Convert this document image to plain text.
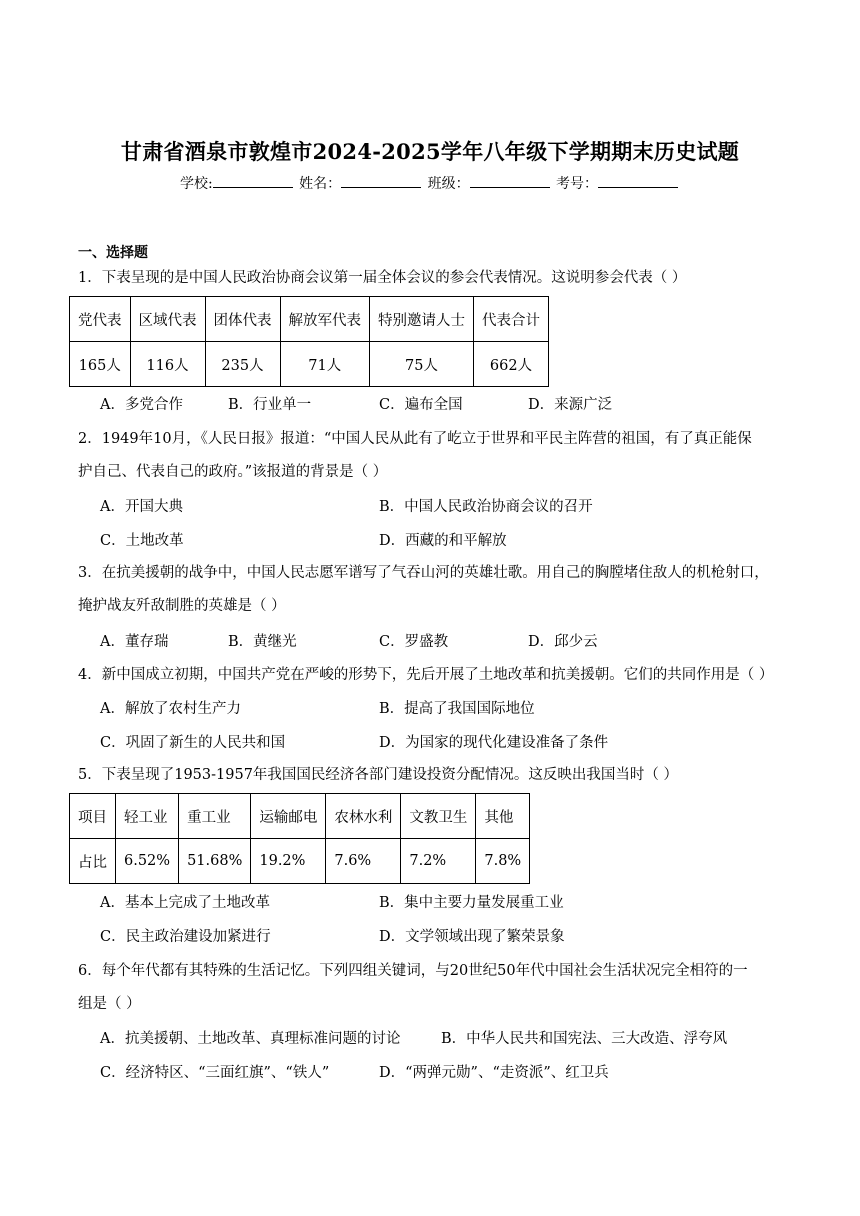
甘肃省酒泉市敦煌市2024-2025学年八年级下学期期末历史试题
学校:	姓名：	班级：	考号：
一、选择题
1．下表呈现的是中国人民政治协商会议第一届全体会议的参会代表情况。这说明参会代表（ ）
党代表	区域代表	团体代表	解放军代表	特别邀请人士	代表合计
165人	116人	235人	71人	75人	662人
A．多党合作	B．行业单一	C．遍布全国	D．来源广泛
2．1949年10月，《人民日报》报道：“中国人民从此有了屹立于世界和平民主阵营的祖国，有了真正能保
护自己、代表自己的政府。”该报道的背景是（ ）
A．开国大典	B．中国人民政治协商会议的召开
C．土地改革	D．西藏的和平解放
3．在抗美援朝的战争中，中国人民志愿军谱写了气吞山河的英雄壮歌。用自己的胸膛堵住敌人的机枪射口，
掩护战友歼敌制胜的英雄是（ ）
A．董存瑞	B．黄继光	C．罗盛教	D．邱少云
4．新中国成立初期，中国共产党在严峻的形势下，先后开展了土地改革和抗美援朝。它们的共同作用是（ ）
A．解放了农村生产力	B．提高了我国国际地位
C．巩固了新生的人民共和国	D．为国家的现代化建设准备了条件
5．下表呈现了1953-1957年我国国民经济各部门建设投资分配情况。这反映出我国当时（ ）
项目	轻工业	重工业	运输邮电	农林水利	文教卫生	其他
占比	6.52%	51.68%	19.2%	7.6%	7.2%	7.8%
A．基本上完成了土地改革	B．集中主要力量发展重工业
C．民主政治建设加紧进行	D．文学领域出现了繁荣景象
6．每个年代都有其特殊的生活记忆。下列四组关键词，与20世纪50年代中国社会生活状况完全相符的一
组是（ ）
A．抗美援朝、土地改革、真理标准问题的讨论	B．中华人民共和国宪法、三大改造、浮夸风
C．经济特区、“三面红旗”、“铁人”	D．“两弹元勋”、“走资派”、红卫兵
